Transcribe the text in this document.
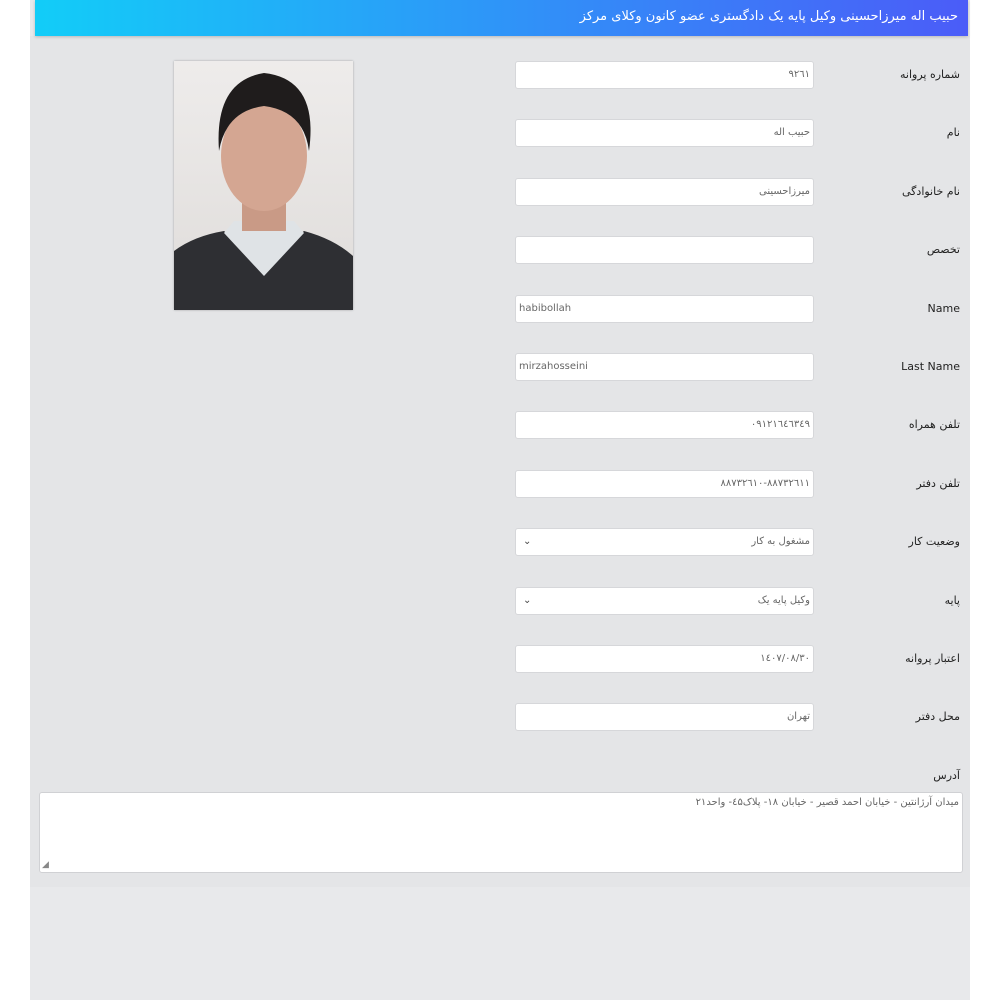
حبیب اله میرزاحسینی وکیل پایه یک دادگستری عضو کانون وکلای مرکز
شماره پروانه
۹۲٦۱
نام
حبیب اله
نام خانوادگی
میرزاحسینی
تخصص
Name
habibollah
Last Name
mirzahosseini
تلفن همراه
۰۹۱۲۱٦٤٦۳٤۹
تلفن دفتر
۸۸۷۳۲٦۱۰-۸۸۷۳۲٦۱۱
وضعیت کار
مشغول به کار
⌄
پایه
وکیل پایه یک
⌄
اعتبار پروانه
۱٤۰۷/۰۸/۳۰
محل دفتر
تهران
آدرس
میدان آرژانتین - خیابان احمد قصیر - خیابان ۱۸- پلاک٤۵- واحد۲۱
◢
